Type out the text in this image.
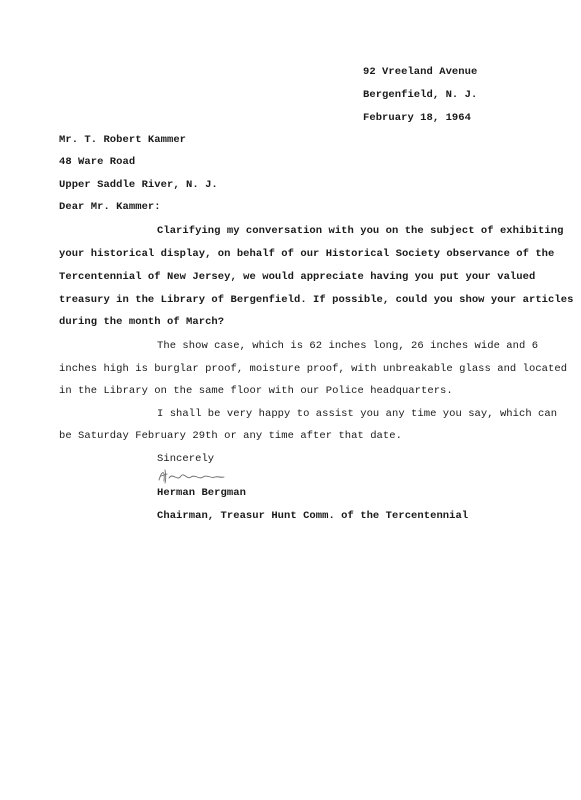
92 Vreeland Avenue
Bergenfield, N. J.
February 18, 1964
Mr. T. Robert Kammer
48 Ware Road
Upper Saddle River, N. J.
Dear Mr. Kammer:
Clarifying my conversation with you on the subject of exhibiting
your historical display, on behalf of our Historical Society observance of the
Tercentennial of New Jersey, we would appreciate having you put your valued
treasury in the Library of Bergenfield. If possible, could you show your articles
during the month of March?
The show case, which is 62 inches long, 26 inches wide and 6
inches high is burglar proof, moisture proof, with unbreakable glass and located
in the Library on the same floor with our Police headquarters.
I shall be very happy to assist you any time you say, which can
be Saturday February 29th or any time after that date.
Sincerely
Herman Bergman
Chairman, Treasur Hunt Comm. of the Tercentennial
